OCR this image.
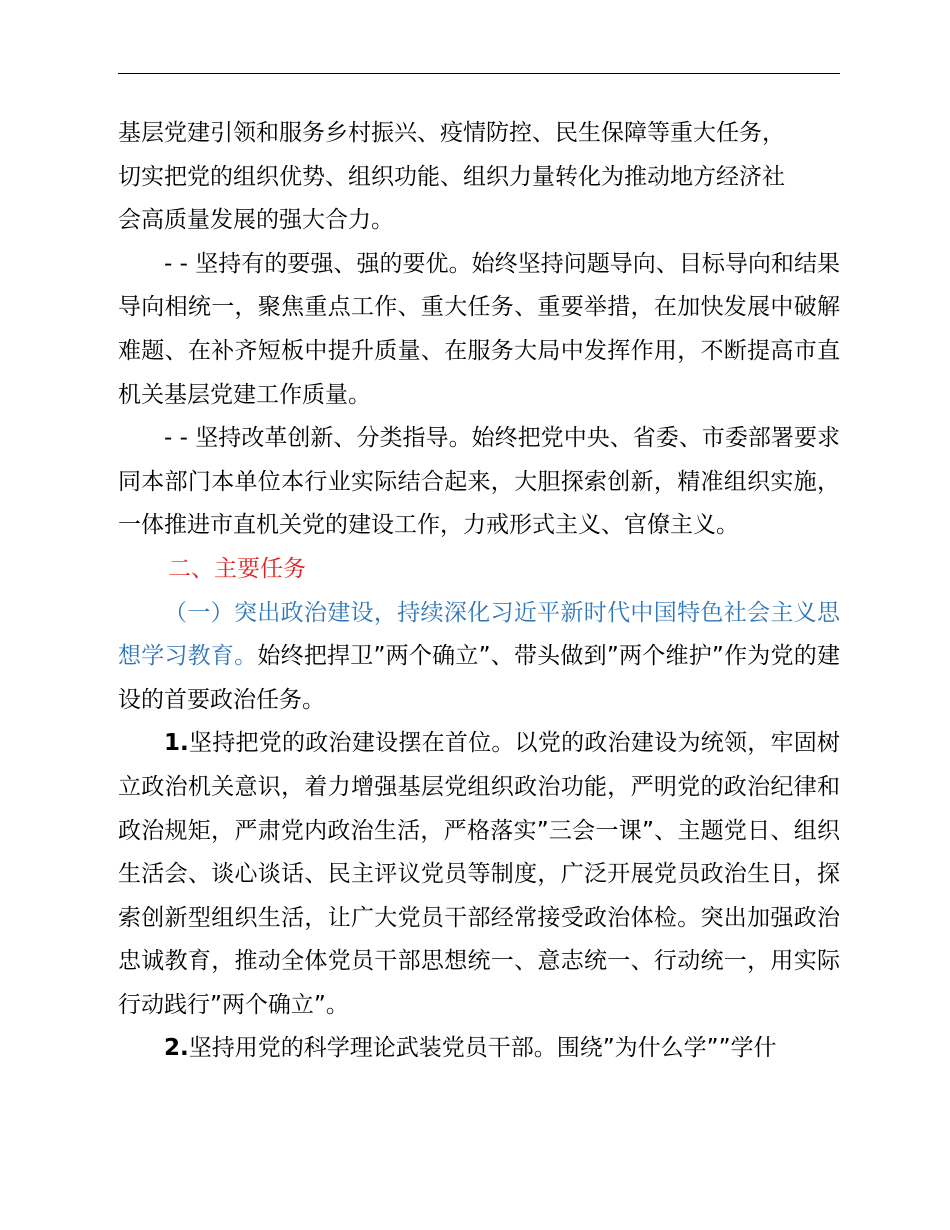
基层党建引领和服务乡村振兴、疫情防控、民生保障等重大任务，
切实把党的组织优势、组织功能、组织力量转化为推动地方经济社
会高质量发展的强大合力。

- - 坚持有的要强、强的要优。始终坚持问题导向、目标导向和结果导向相统一，聚焦重点工作、重大任务、重要举措，在加快发展中破解难题、在补齐短板中提升质量、在服务大局中发挥作用，不断提高市直机关基层党建工作质量。

- - 坚持改革创新、分类指导。始终把党中央、省委、市委部署要求同本部门本单位本行业实际结合起来，大胆探索创新，精准组织实施，一体推进市直机关党的建设工作，力戒形式主义、官僚主义。

二、主要任务

（一）突出政治建设，持续深化习近平新时代中国特色社会主义思想学习教育。始终把捍卫”两个确立”、带头做到”两个维护”作为党的建设的首要政治任务。

1.坚持把党的政治建设摆在首位。以党的政治建设为统领，牢固树立政治机关意识，着力增强基层党组织政治功能，严明党的政治纪律和政治规矩，严肃党内政治生活，严格落实”三会一课”、主题党日、组织生活会、谈心谈话、民主评议党员等制度，广泛开展党员政治生日，探索创新型组织生活，让广大党员干部经常接受政治体检。突出加强政治忠诚教育，推动全体党员干部思想统一、意志统一、行动统一，用实际行动践行”两个确立”。

2.坚持用党的科学理论武装党员干部。围绕”为什么学””学什
